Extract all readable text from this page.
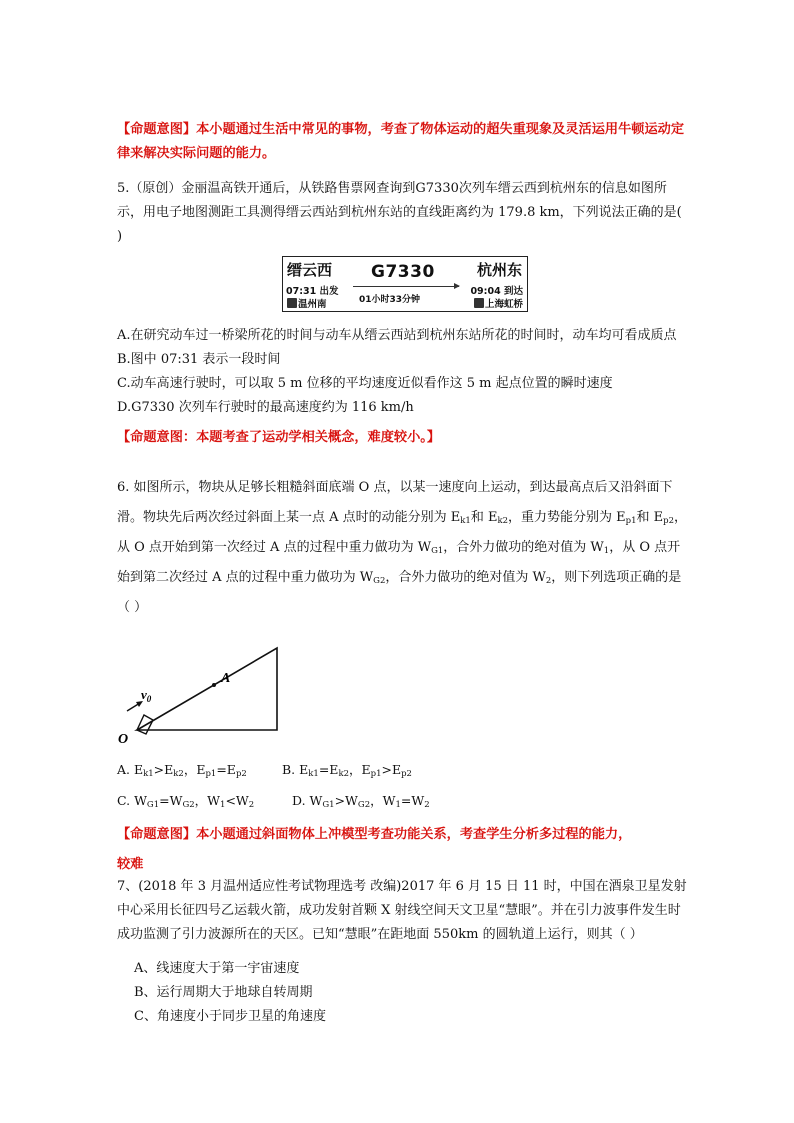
【命题意图】本小题通过生活中常见的事物，考查了物体运动的超失重现象及灵活运用牛顿运动定律来解决实际问题的能力。
5.（原创）金丽温高铁开通后，从铁路售票网查询到G7330次列车缙云西到杭州东的信息如图所示，用电子地图测距工具测得缙云西站到杭州东站的直线距离约为 179.8 km，下列说法正确的是( )
缙云西	杭州东
G7330
01小时33分钟
07:31 出发	09:04 到达
温州南	上海虹桥

A.在研究动车过一桥梁所花的时间与动车从缙云西站到杭州东站所花的时间时，动车均可看成质点

B.图中 07:31 表示一段时间

C.动车高速行驶时，可以取 5 m 位移的平均速度近似看作这 5 m 起点位置的瞬时速度

D.G7330 次列车行驶时的最高速度约为 116 km/h

【命题意图：本题考查了运动学相关概念，难度较小。】
6. 如图所示，物块从足够长粗糙斜面底端 O 点，以某一速度向上运动，到达最高点后又沿斜面下滑。物块先后两次经过斜面上某一点 A 点时的动能分别为 $E_{k1}$和 $E_{k2}$，重力势能分别为 $E_{p1}$和 $E_{p2}$，从 O 点开始到第一次经过 A 点的过程中重力做功为 $W_{G1}$，合外力做功的绝对值为 $W_1$，从 O 点开始到第二次经过 A 点的过程中重力做功为 $W_{G2}$，合外力做功的绝对值为 $W_2$，则下列选项正确的是（ ）
$v_0$
A
O
A. $E_{k1}>E_{k2}$，$E_{p1}=E_{p2}$	B. $E_{k1}=E_{k2}$，$E_{p1}>E_{p2}$
C. $W_{G1}=W_{G2}$，$W_1<W_2$	D. $W_{G1}>W_{G2}$，$W_1=W_2$

【命题意图】本小题通过斜面物体上冲模型考查功能关系，考查学生分析多过程的能力，

较难

7、(2018 年 3 月温州适应性考试物理选考 改编)2017 年 6 月 15 日 11 时，中国在酒泉卫星发射中心采用长征四号乙运载火箭，成功发射首颗 X 射线空间天文卫星“慧眼”。并在引力波事件发生时成功监测了引力波源所在的天区。已知“慧眼”在距地面 550km 的圆轨道上运行，则其（ ）

A、线速度大于第一宇宙速度

B、运行周期大于地球自转周期

C、角速度小于同步卫星的角速度
